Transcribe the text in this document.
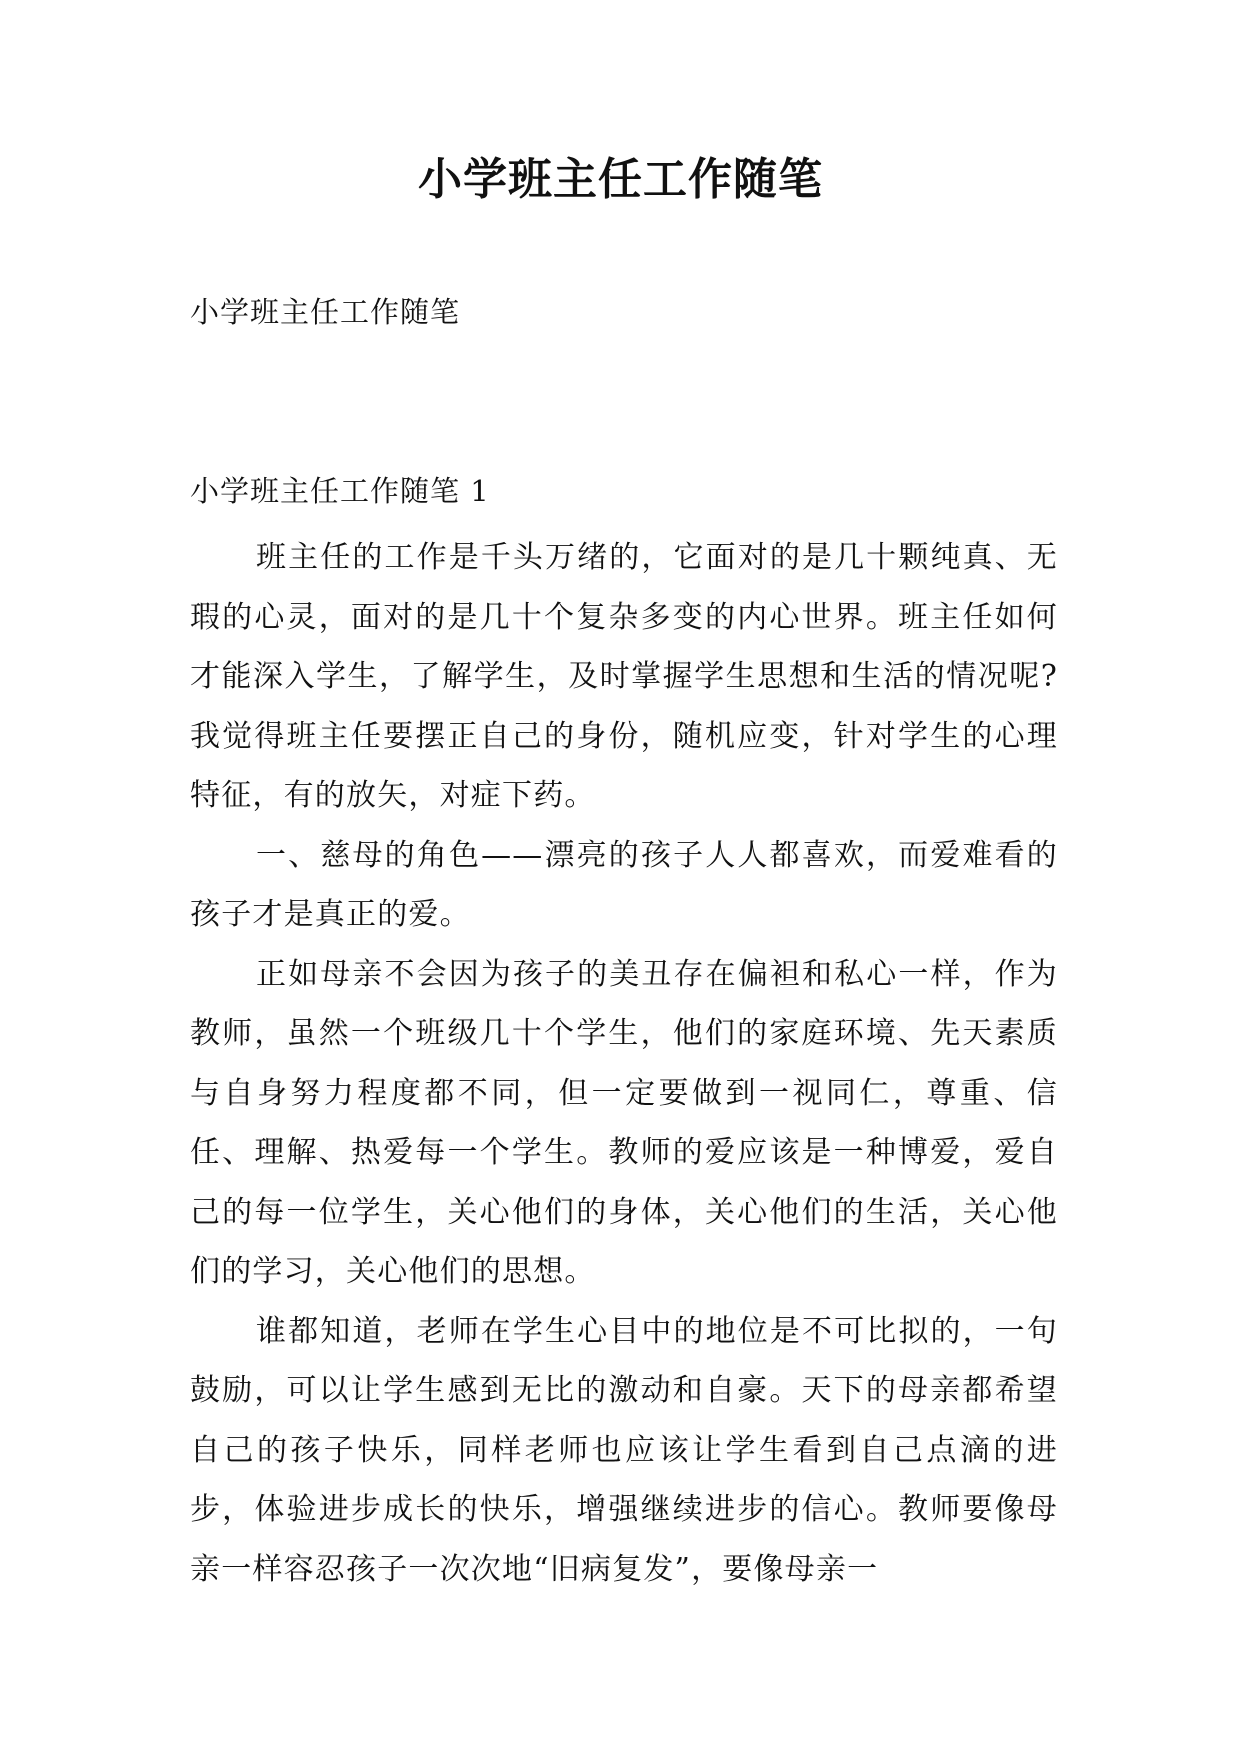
小学班主任工作随笔
小学班主任工作随笔
小学班主任工作随笔 1

班主任的工作是千头万绪的，它面对的是几十颗纯真、无瑕的心灵，面对的是几十个复杂多变的内心世界。班主任如何才能深入学生，了解学生，及时掌握学生思想和生活的情况呢?我觉得班主任要摆正自己的身份，随机应变，针对学生的心理特征，有的放矢，对症下药。

一、慈母的角色——漂亮的孩子人人都喜欢，而爱难看的孩子才是真正的爱。

正如母亲不会因为孩子的美丑存在偏袒和私心一样，作为教师，虽然一个班级几十个学生，他们的家庭环境、先天素质与自身努力程度都不同，但一定要做到一视同仁，尊重、信任、理解、热爱每一个学生。教师的爱应该是一种博爱，爱自己的每一位学生，关心他们的身体，关心他们的生活，关心他们的学习，关心他们的思想。

谁都知道，老师在学生心目中的地位是不可比拟的，一句鼓励，可以让学生感到无比的激动和自豪。天下的母亲都希望自己的孩子快乐，同样老师也应该让学生看到自己点滴的进步，体验进步成长的快乐，增强继续进步的信心。教师要像母亲一样容忍孩子一次次地“旧病复发”，要像母亲一
